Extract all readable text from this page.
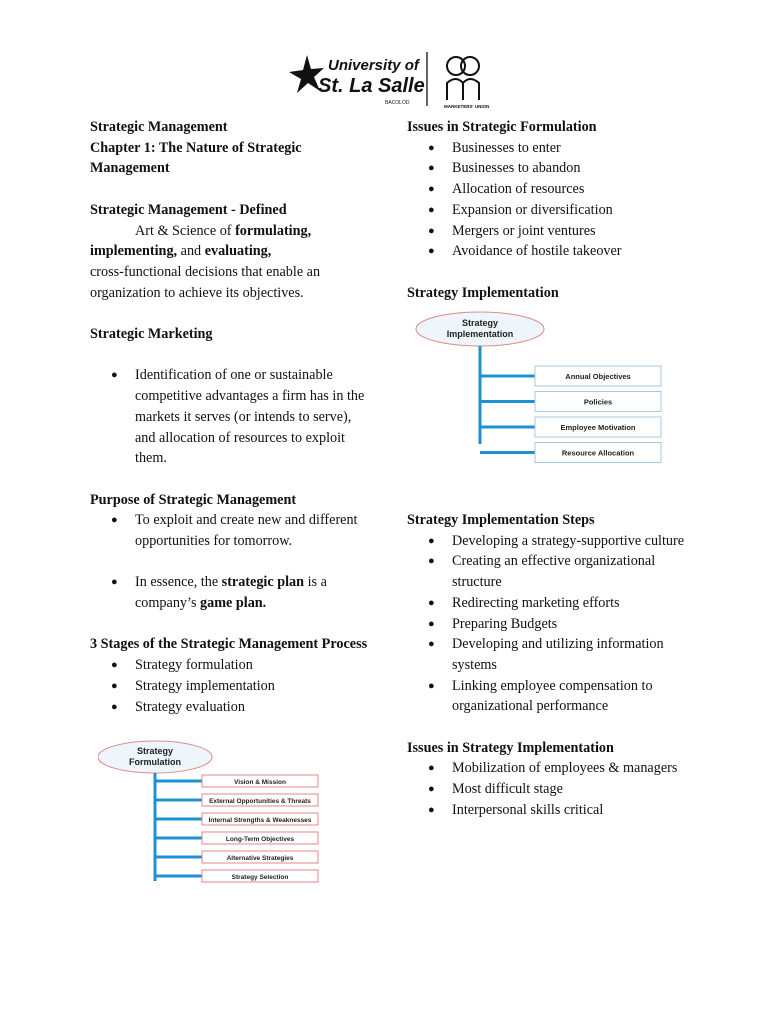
University of
St. La Salle
BACOLOD
MARKETERS' UNION

Strategic Management

Chapter 1: The Nature of Strategic

Management

Strategic Management - Defined

Art & Science of formulating,

implementing, and evaluating,

cross-functional decisions that enable an

organization to achieve its objectives.

Strategic Marketing

● Identification of one or sustainable competitive advantages a firm has in the markets it serves (or intends to serve), and allocation of resources to exploit them.

Purpose of Strategic Management

● To exploit and create new and different opportunities for tomorrow.
● In essence, the strategic plan is a company’s game plan.

3 Stages of the Strategic Management Process

● Strategy formulation
● Strategy implementation
● Strategy evaluation
Strategy
Formulation
Vision & Mission
External Opportunities & Threats
Internal Strengths & Weaknesses
Long-Term Objectives
Alternative Strategies
Strategy Selection

Issues in Strategic Formulation

● Businesses to enter
● Businesses to abandon
● Allocation of resources
● Expansion or diversification
● Mergers or joint ventures
● Avoidance of hostile takeover

Strategy Implementation

Strategy
Implementation
Annual Objectives
Policies
Employee Motivation
Resource Allocation

Strategy Implementation Steps

● Developing a strategy-supportive culture
● Creating an effective organizational structure
● Redirecting marketing efforts
● Preparing Budgets
● Developing and utilizing information systems
● Linking employee compensation to organizational performance

Issues in Strategy Implementation

● Mobilization of employees & managers
● Most difficult stage
● Interpersonal skills critical
